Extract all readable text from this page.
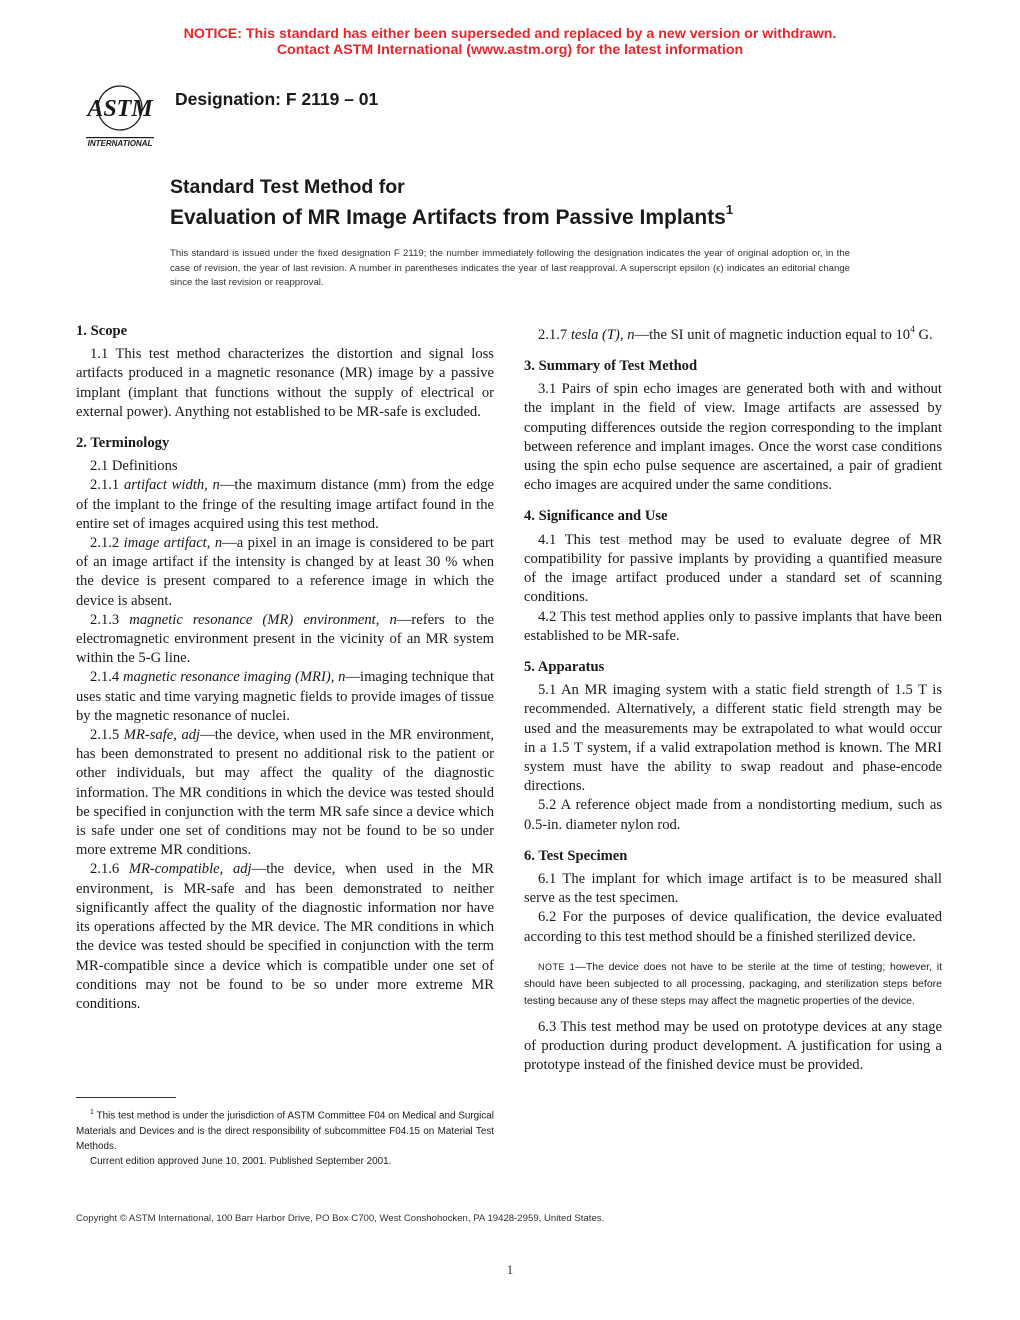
NOTICE: This standard has either been superseded and replaced by a new version or withdrawn.
Contact ASTM International (www.astm.org) for the latest information
ASTM
INTERNATIONAL
Designation: F 2119 – 01
Standard Test Method for
Evaluation of MR Image Artifacts from Passive Implants$^1$
This standard is issued under the fixed designation F 2119; the number immediately following the designation indicates the year of original adoption or, in the case of revision, the year of last revision. A number in parentheses indicates the year of last reapproval. A superscript epsilon (ϵ) indicates an editorial change since the last revision or reapproval.
1. Scope

1.1 This test method characterizes the distortion and signal loss artifacts produced in a magnetic resonance (MR) image by a passive implant (implant that functions without the supply of electrical or external power). Anything not established to be MR-safe is excluded.

2. Terminology

2.1 Definitions

2.1.1 artifact width, n—the maximum distance (mm) from the edge of the implant to the fringe of the resulting image artifact found in the entire set of images acquired using this test method.

2.1.2 image artifact, n—a pixel in an image is considered to be part of an image artifact if the intensity is changed by at least 30 % when the device is present compared to a reference image in which the device is absent.

2.1.3 magnetic resonance (MR) environment, n—refers to the electromagnetic environment present in the vicinity of an MR system within the 5-G line.

2.1.4 magnetic resonance imaging (MRI), n—imaging technique that uses static and time varying magnetic fields to provide images of tissue by the magnetic resonance of nuclei.

2.1.5 MR-safe, adj—the device, when used in the MR environment, has been demonstrated to present no additional risk to the patient or other individuals, but may affect the quality of the diagnostic information. The MR conditions in which the device was tested should be specified in conjunction with the term MR safe since a device which is safe under one set of conditions may not be found to be so under more extreme MR conditions.

2.1.6 MR-compatible, adj—the device, when used in the MR environment, is MR-safe and has been demonstrated to neither significantly affect the quality of the diagnostic information nor have its operations affected by the MR device. The MR conditions in which the device was tested should be specified in conjunction with the term MR-compatible since a device which is compatible under one set of conditions may not be found to be so under more extreme MR conditions.

2.1.7 tesla (T), n—the SI unit of magnetic induction equal to $10^4$ G.

3. Summary of Test Method

3.1 Pairs of spin echo images are generated both with and without the implant in the field of view. Image artifacts are assessed by computing differences outside the region corresponding to the implant between reference and implant images. Once the worst case conditions using the spin echo pulse sequence are ascertained, a pair of gradient echo images are acquired under the same conditions.

4. Significance and Use

4.1 This test method may be used to evaluate degree of MR compatibility for passive implants by providing a quantified measure of the image artifact produced under a standard set of scanning conditions.

4.2 This test method applies only to passive implants that have been established to be MR-safe.

5. Apparatus

5.1 An MR imaging system with a static field strength of 1.5 T is recommended. Alternatively, a different static field strength may be used and the measurements may be extrapolated to what would occur in a 1.5 T system, if a valid extrapolation method is known. The MRI system must have the ability to swap readout and phase-encode directions.

5.2 A reference object made from a nondistorting medium, such as 0.5-in. diameter nylon rod.

6. Test Specimen

6.1 The implant for which image artifact is to be measured shall serve as the test specimen.

6.2 For the purposes of device qualification, the device evaluated according to this test method should be a finished sterilized device.

NOTE 1—The device does not have to be sterile at the time of testing; however, it should have been subjected to all processing, packaging, and sterilization steps before testing because any of these steps may affect the magnetic properties of the device.

6.3 This test method may be used on prototype devices at any stage of production during product development. A justification for using a prototype instead of the finished device must be provided.

$^1$ This test method is under the jurisdiction of ASTM Committee F04 on Medical and Surgical Materials and Devices and is the direct responsibility of subcommittee F04.15 on Material Test Methods.

Current edition approved June 10, 2001. Published September 2001.

Copyright © ASTM International, 100 Barr Harbor Drive, PO Box C700, West Conshohocken, PA 19428-2959, United States.
1
